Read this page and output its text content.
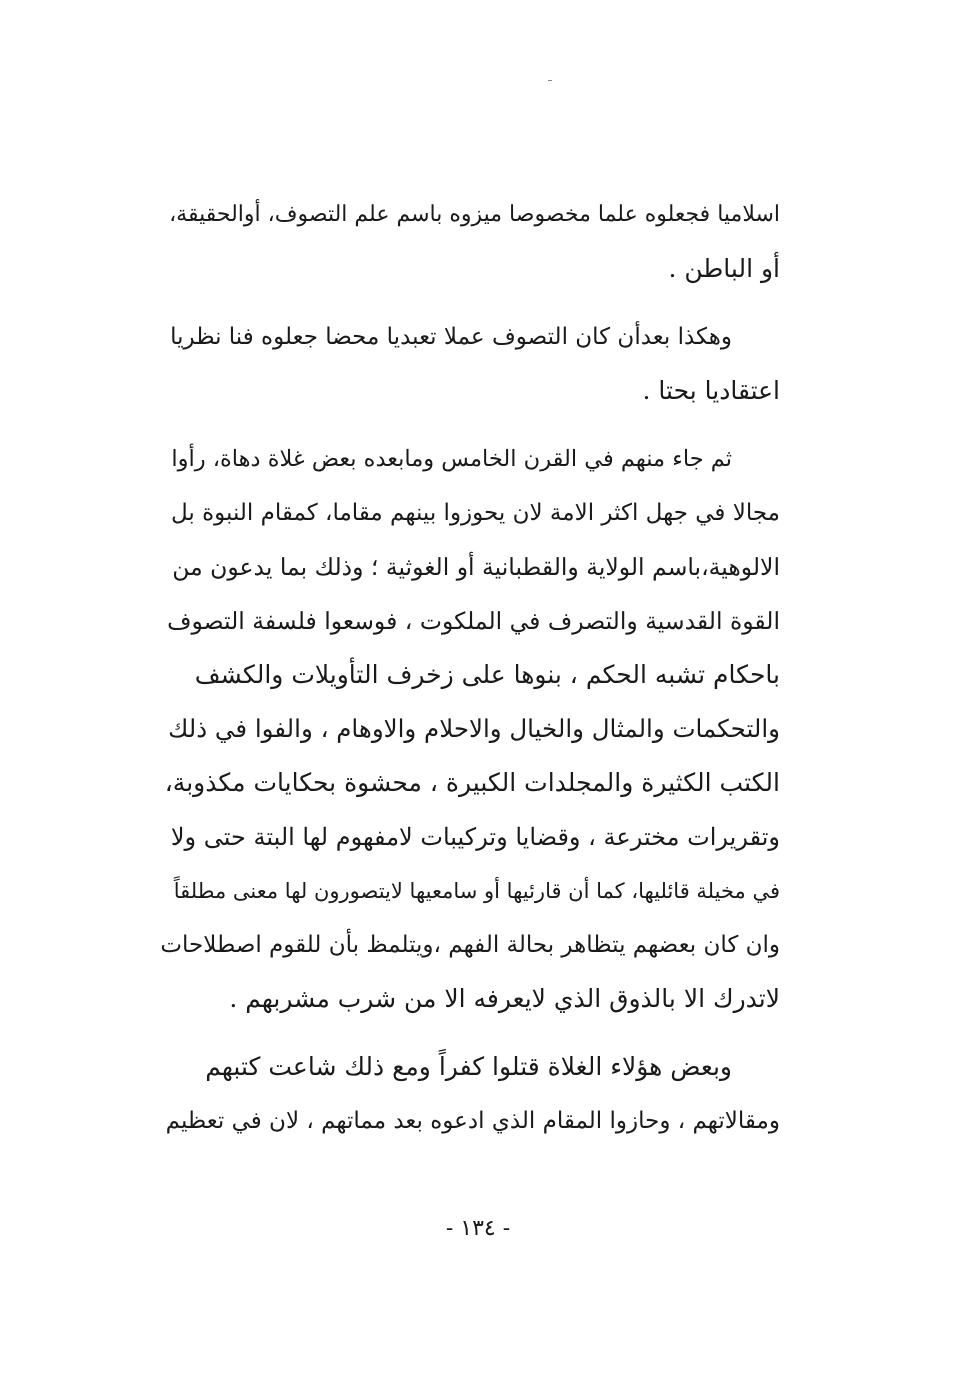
اسلاميا فجعلوه علما مخصوصا ميزوه باسم علم التصوف، أوالحقيقة،
أو الباطن .

وهكذا بعدأن كان التصوف عملا تعبديا محضا جعلوه فنا نظريا
اعتقاديا بحتا .

ثم جاء منهم في القرن الخامس ومابعده بعض غلاة دهاة، رأوا
مجالا في جهل اكثر الامة لان يحوزوا بينهم مقاما، كمقام النبوة بل
الالوهية،باسم الولاية والقطبانية أو الغوثية ؛ وذلك بما يدعون من
القوة القدسية والتصرف في الملكوت ، فوسعوا فلسفة التصوف
باحكام تشبه الحكم ، بنوها على زخرف التأويلات والكشف
والتحكمات والمثال والخيال والاحلام والاوهام ، والفوا في ذلك
الكتب الكثيرة والمجلدات الكبيرة ، محشوة بحكايات مكذوبة،
وتقريرات مخترعة ، وقضايا وتركيبات لامفهوم لها البتة حتى ولا
في مخيلة قائليها، كما أن قارئيها أو سامعيها لايتصورون لها معنى مطلقاً
وان كان بعضهم يتظاهر بحالة الفهم ،ويتلمظ بأن للقوم اصطلاحات
لاتدرك الا بالذوق الذي لايعرفه الا من شرب مشربهم .

وبعض هؤلاء الغلاة قتلوا كفراً ومع ذلك شاعت كتبهم
ومقالاتهم ، وحازوا المقام الذي ادعوه بعد مماتهم ، لان في تعظيم

- ١٣٤ -
